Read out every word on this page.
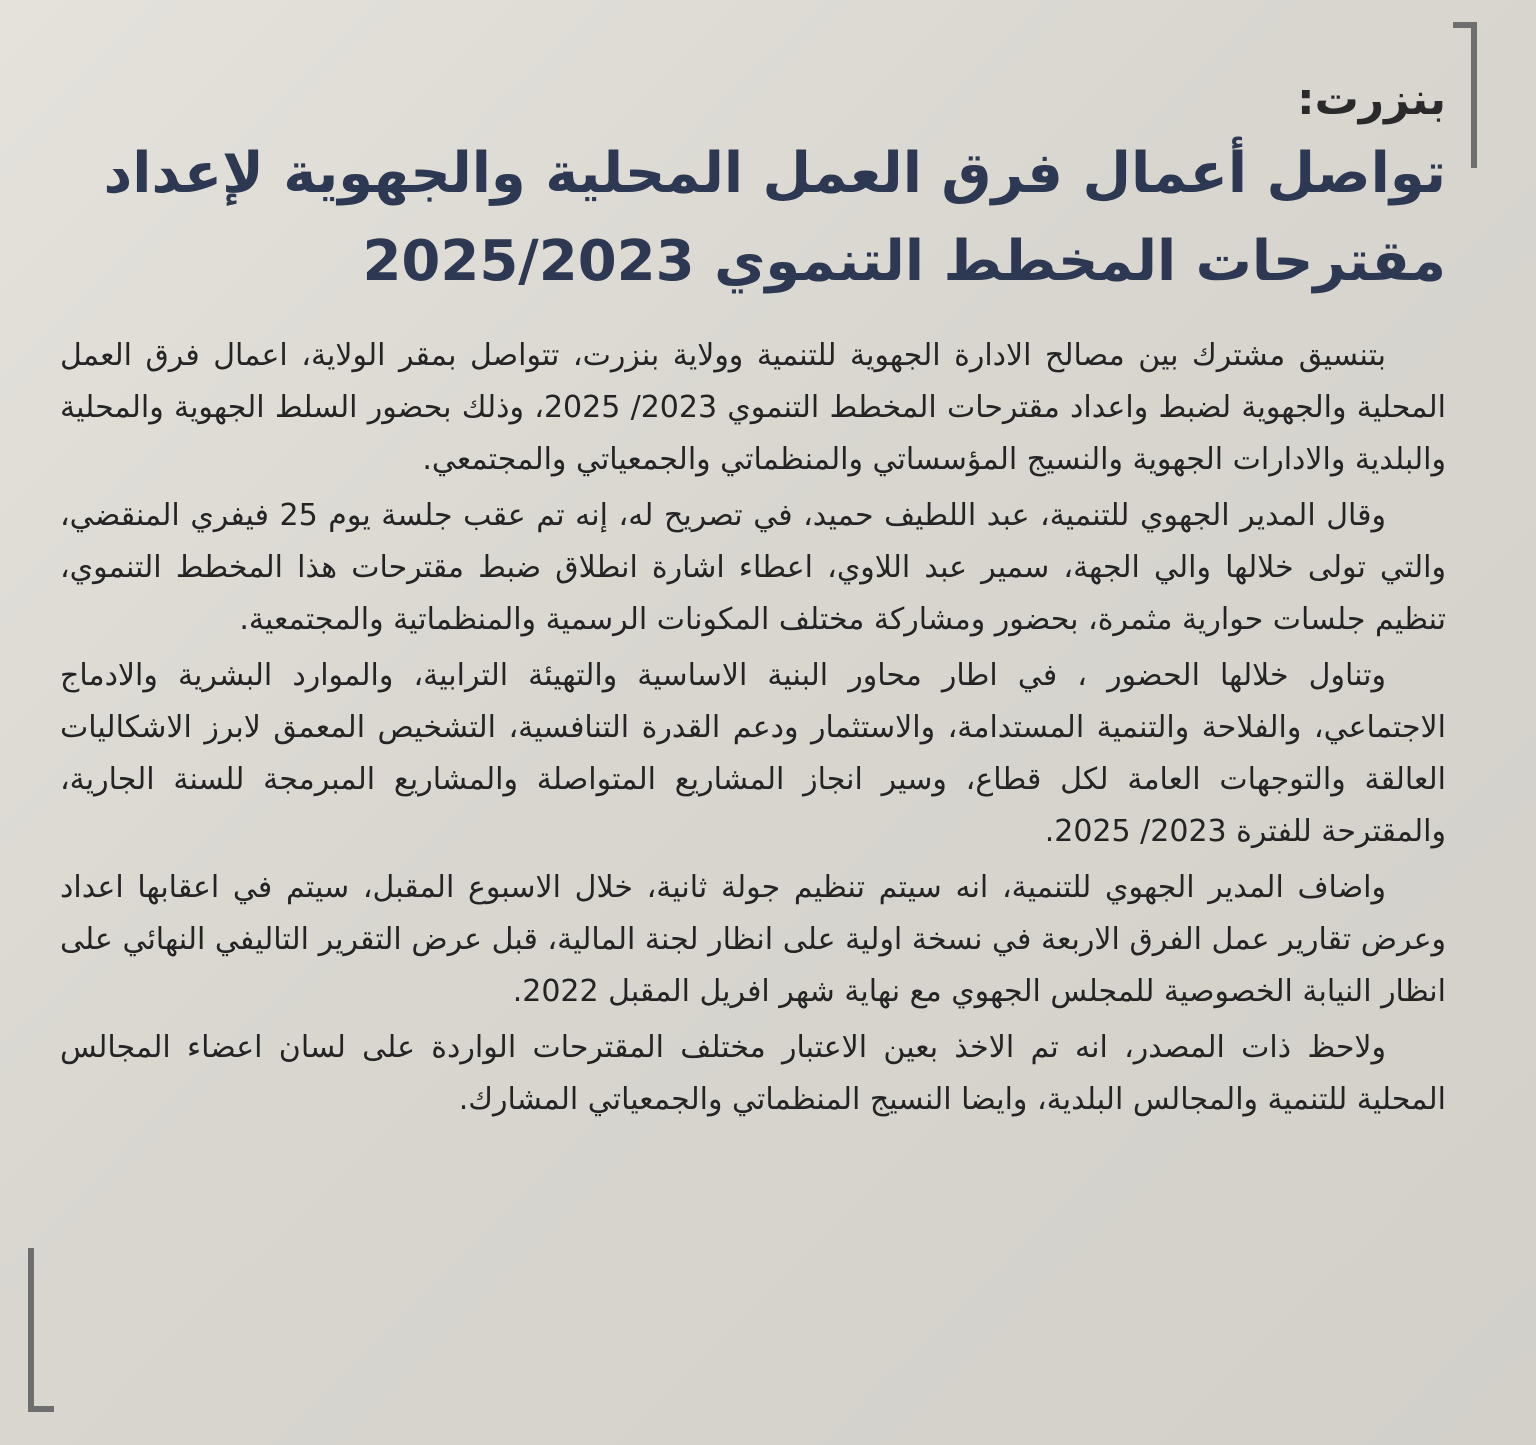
بنزرت:
تواصل أعمال فرق العمل المحلية والجهوية لإعداد
مقترحات المخطط التنموي 2025/2023

بتنسيق مشترك بين مصالح الادارة الجهوية للتنمية وولاية بنزرت، تتواصل بمقر الولاية، اعمال فرق العمل المحلية والجهوية لضبط واعداد مقترحات المخطط التنموي 2023/ 2025، وذلك بحضور السلط الجهوية والمحلية والبلدية والادارات الجهوية والنسيج المؤسساتي والمنظماتي والجمعياتي والمجتمعي.

وقال المدير الجهوي للتنمية، عبد اللطيف حميد، في تصريح له، إنه تم عقب جلسة يوم 25 فيفري المنقضي، والتي تولى خلالها والي الجهة، سمير عبد اللاوي، اعطاء اشارة انطلاق ضبط مقترحات هذا المخطط التنموي، تنظيم جلسات حوارية مثمرة، بحضور ومشاركة مختلف المكونات الرسمية والمنظماتية والمجتمعية.

وتناول خلالها الحضور ، في اطار محاور البنية الاساسية والتهيئة الترابية، والموارد البشرية والادماج الاجتماعي، والفلاحة والتنمية المستدامة، والاستثمار ودعم القدرة التنافسية، التشخيص المعمق لابرز الاشكاليات العالقة والتوجهات العامة لكل قطاع، وسير انجاز المشاريع المتواصلة والمشاريع المبرمجة للسنة الجارية، والمقترحة للفترة 2023/ 2025.

واضاف المدير الجهوي للتنمية، انه سيتم تنظيم جولة ثانية، خلال الاسبوع المقبل، سيتم في اعقابها اعداد وعرض تقارير عمل الفرق الاربعة في نسخة اولية على انظار لجنة المالية، قبل عرض التقرير التاليفي النهائي على انظار النيابة الخصوصية للمجلس الجهوي مع نهاية شهر افريل المقبل 2022.

ولاحظ ذات المصدر، انه تم الاخذ بعين الاعتبار مختلف المقترحات الواردة على لسان اعضاء المجالس المحلية للتنمية والمجالس البلدية، وايضا النسيج المنظماتي والجمعياتي المشارك.
